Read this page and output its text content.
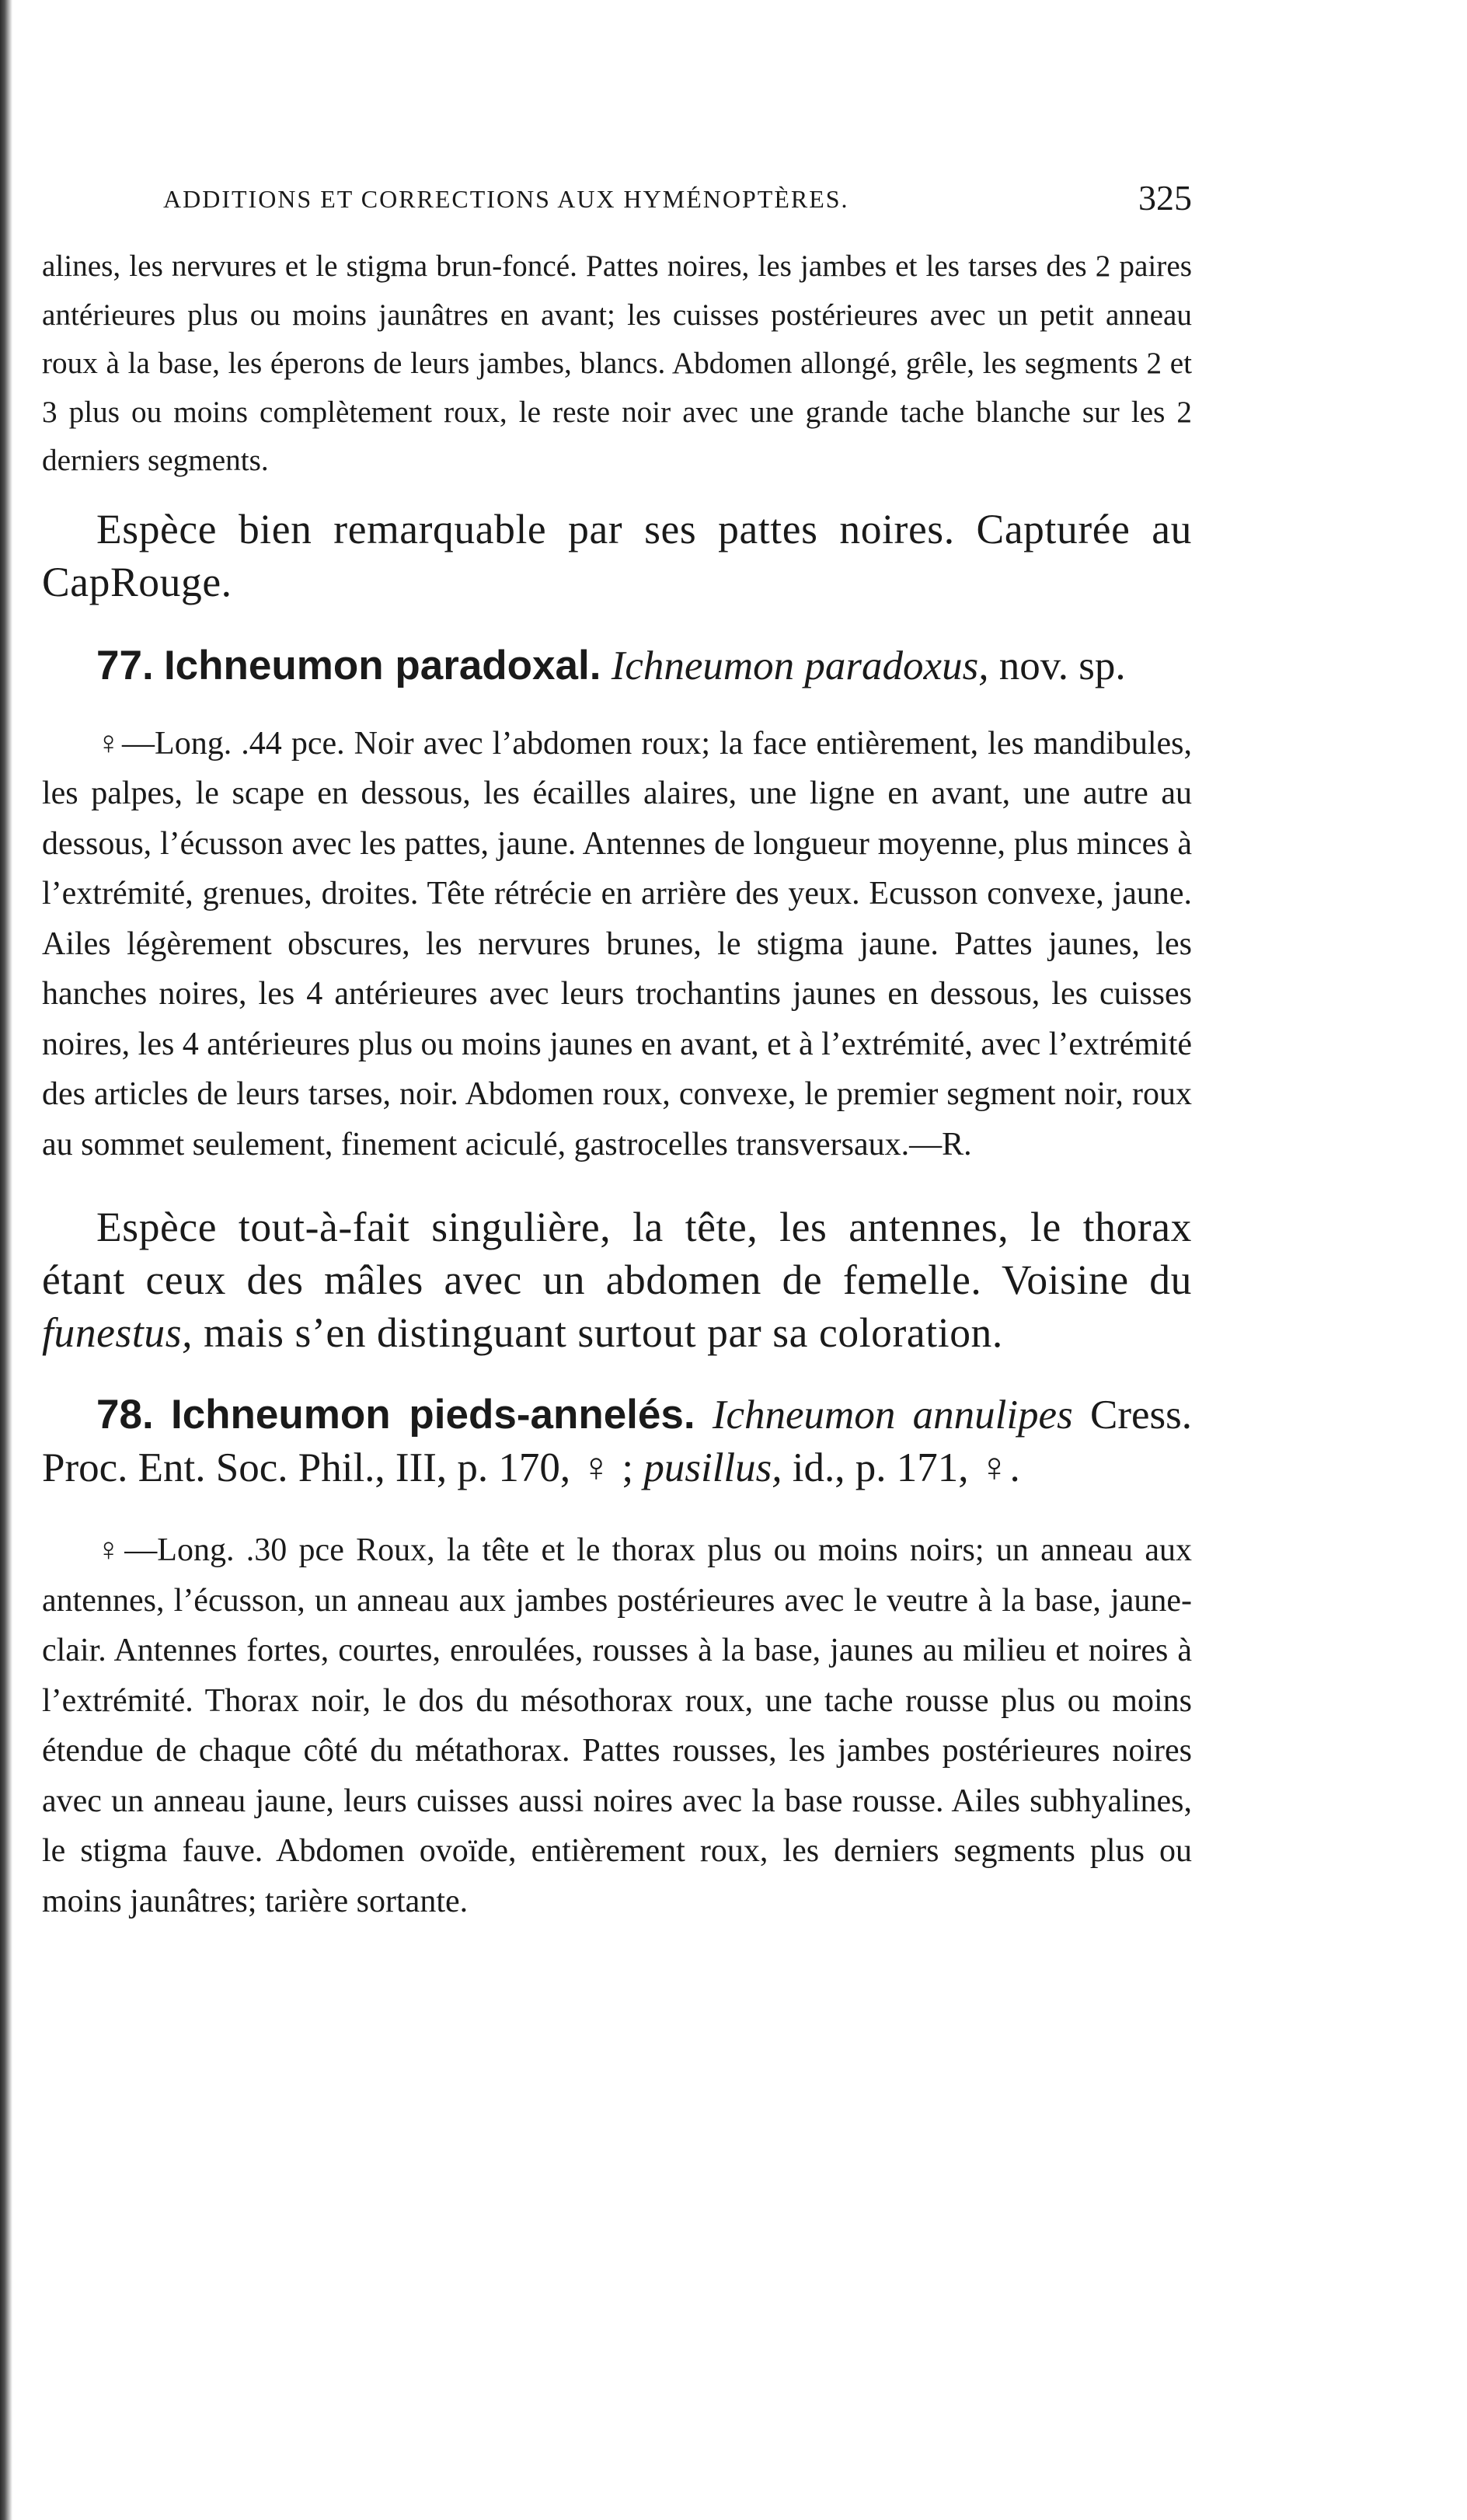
ADDITIONS ET CORRECTIONS AUX HYMÉNOPTÈRES.	325

alines, les nervures et le stigma brun-foncé. Pattes noires, les jambes et les tarses des 2 paires antérieures plus ou moins jaunâtres en avant; les cuisses postérieures avec un petit anneau roux à la base, les éperons de leurs jambes, blancs. Abdomen allongé, grêle, les segments 2 et 3 plus ou moins complètement roux, le reste noir avec une grande tache blanche sur les 2 derniers segments.

Espèce bien remarquable par ses pattes noires. Capturée au CapRouge.

77. Ichneumon paradoxal. Ichneumon paradoxus, nov. sp.

♀—Long. .44 pce. Noir avec l’abdomen roux; la face entièrement, les mandibules, les palpes, le scape en dessous, les écailles alaires, une ligne en avant, une autre au dessous, l’écusson avec les pattes, jaune. Antennes de longueur moyenne, plus minces à l’extrémité, grenues, droites. Tête rétrécie en arrière des yeux. Ecusson convexe, jaune. Ailes légèrement obscures, les nervures brunes, le stigma jaune. Pattes jaunes, les hanches noires, les 4 antérieures avec leurs trochantins jaunes en dessous, les cuisses noires, les 4 antérieures plus ou moins jaunes en avant, et à l’extrémité, avec l’extrémité des articles de leurs tarses, noir. Abdomen roux, convexe, le premier segment noir, roux au sommet seulement, finement aciculé, gastrocelles transversaux.—R.

Espèce tout-à-fait singulière, la tête, les antennes, le thorax étant ceux des mâles avec un abdomen de femelle. Voisine du funestus, mais s’en distinguant surtout par sa coloration.

78. Ichneumon pieds-annelés. Ichneumon annulipes Cress. Proc. Ent. Soc. Phil., III, p. 170, ♀ ; pusillus, id., p. 171, ♀.

♀—Long. .30 pce Roux, la tête et le thorax plus ou moins noirs; un anneau aux antennes, l’écusson, un anneau aux jambes postérieures avec le veutre à la base, jaune-clair. Antennes fortes, courtes, enroulées, rousses à la base, jaunes au milieu et noires à l’extrémité. Thorax noir, le dos du mésothorax roux, une tache rousse plus ou moins étendue de chaque côté du métathorax. Pattes rousses, les jambes postérieures noires avec un anneau jaune, leurs cuisses aussi noires avec la base rousse. Ailes subhyalines, le stigma fauve. Abdomen ovoïde, entièrement roux, les derniers segments plus ou moins jaunâtres; tarière sortante.
